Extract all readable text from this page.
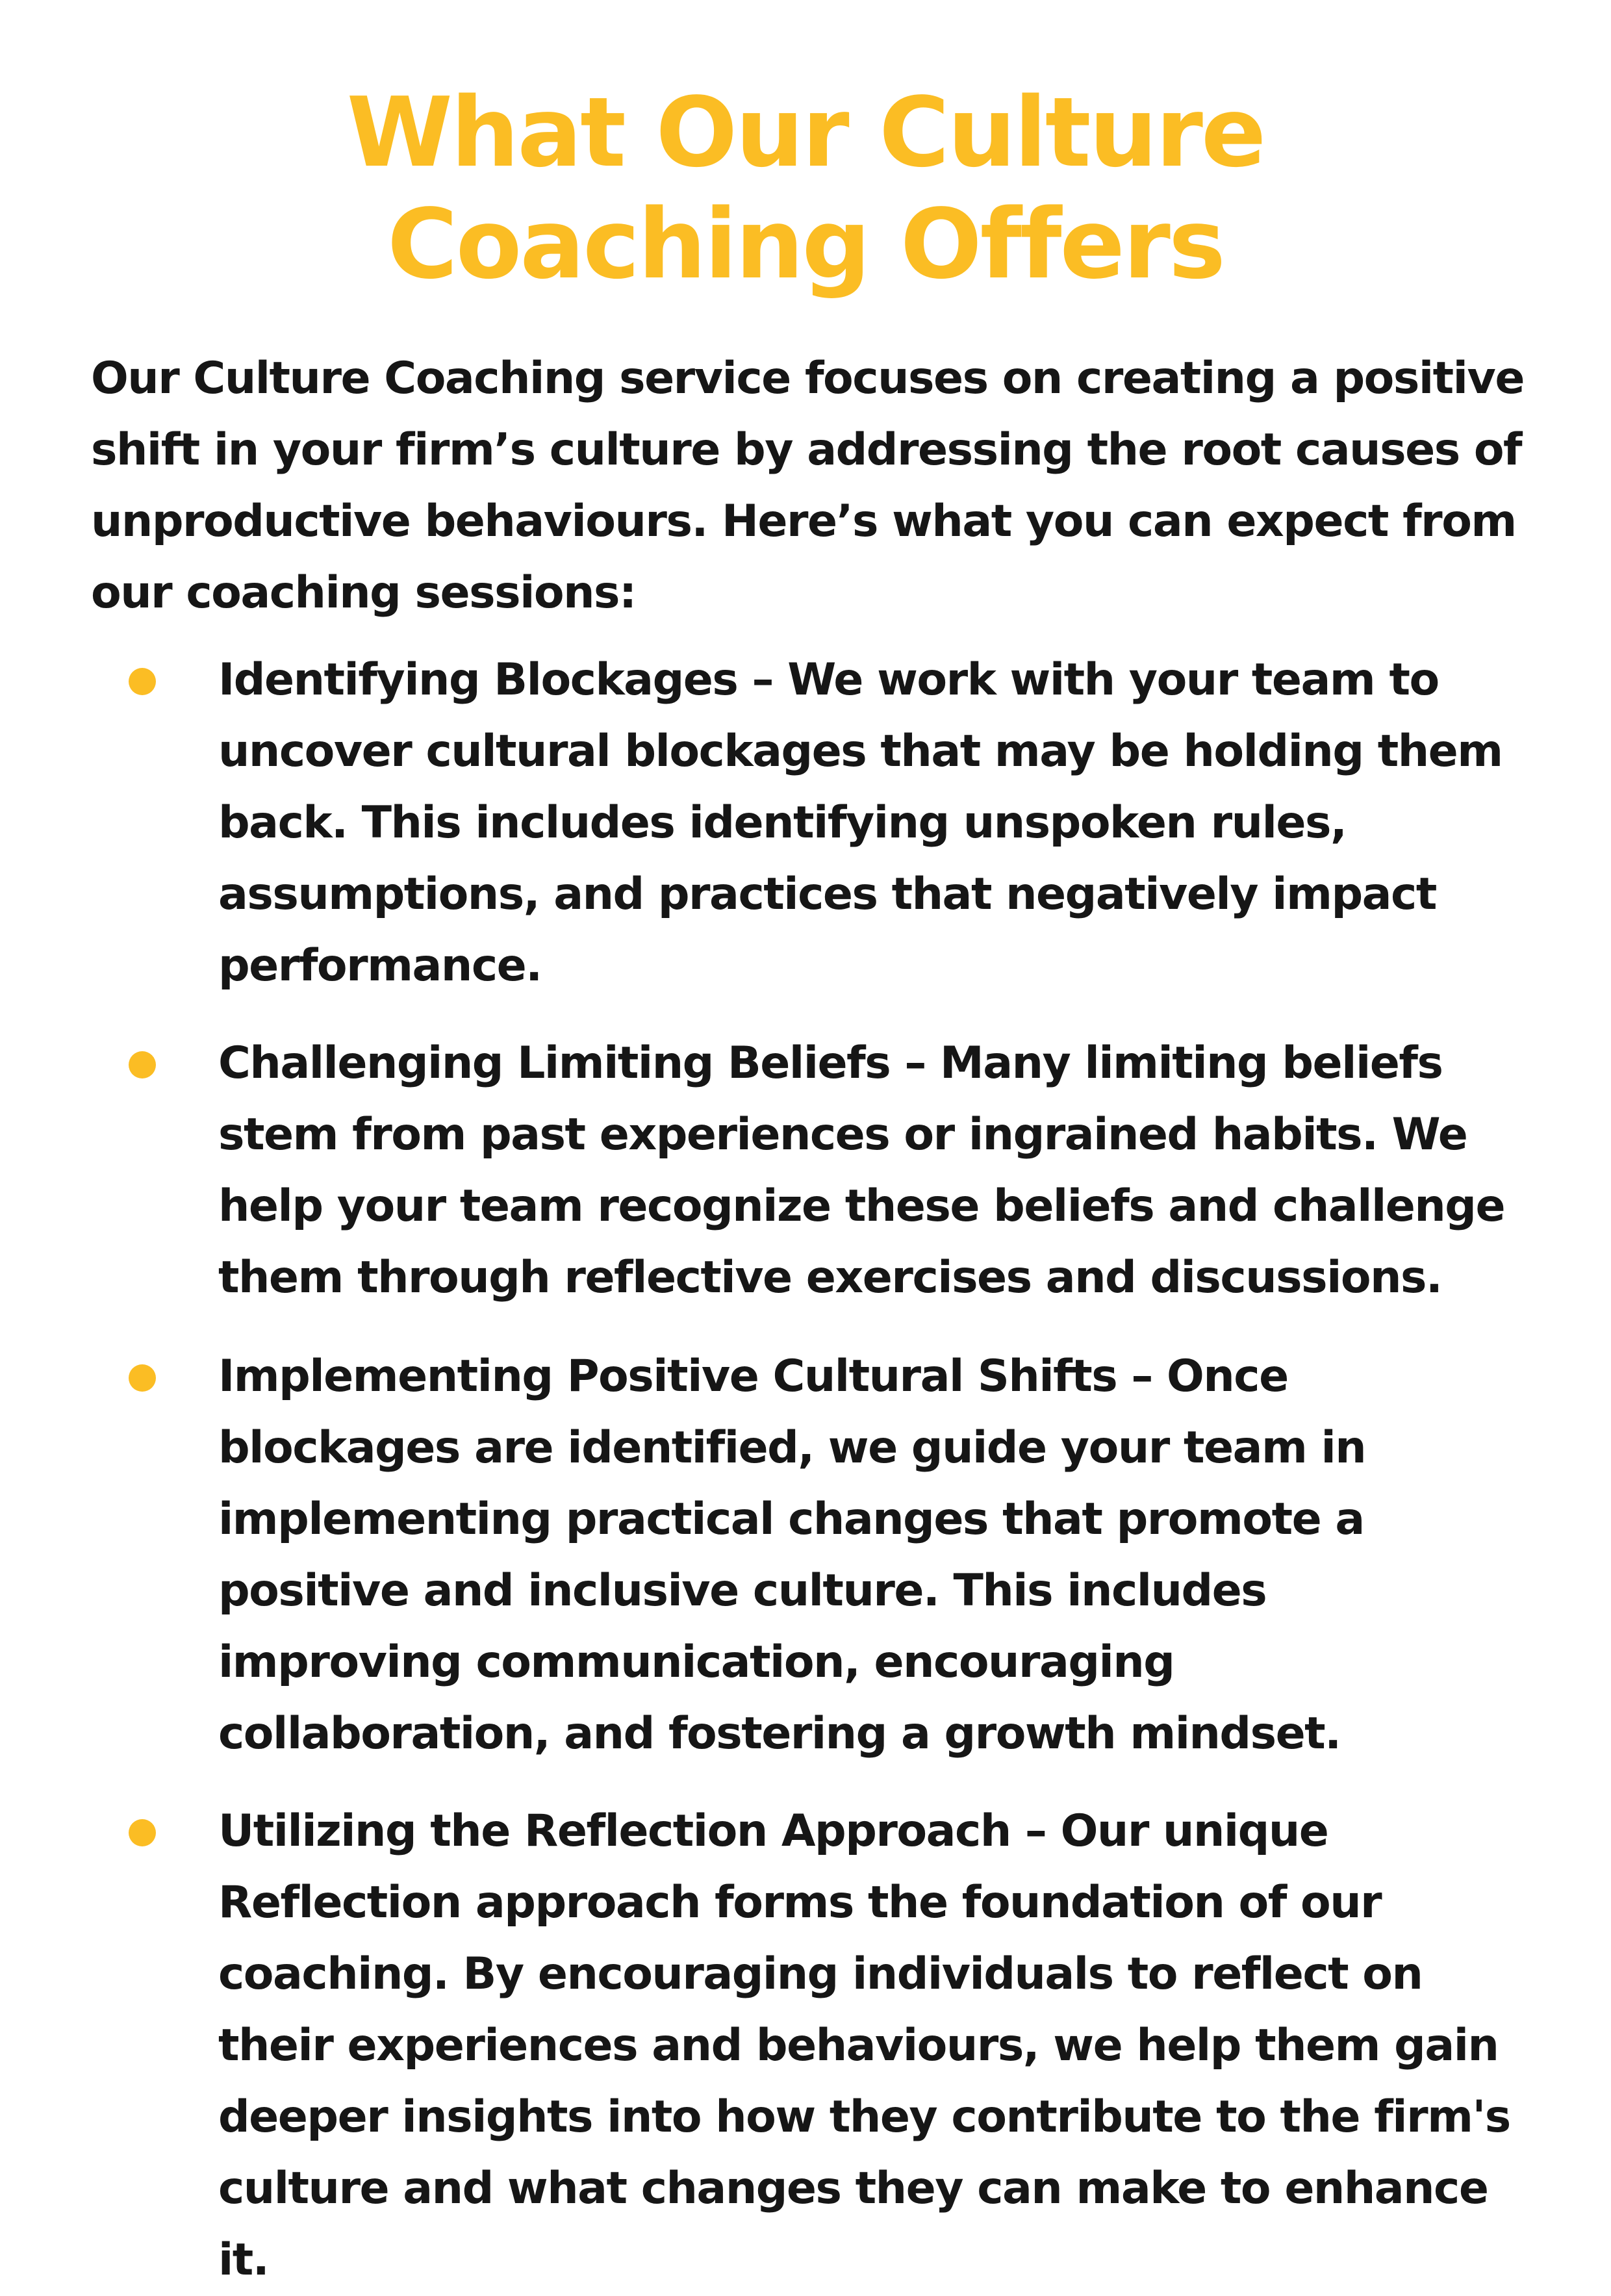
What Our Culture Coaching Offers

Our Culture Coaching service focuses on creating a positive shift in your firm’s culture by addressing the root causes of unproductive behaviours. Here’s what you can expect from our coaching sessions:

Identifying Blockages – We work with your team to uncover cultural blockages that may be holding them back. This includes identifying unspoken rules, assumptions, and practices that negatively impact performance.

Challenging Limiting Beliefs – Many limiting beliefs stem from past experiences or ingrained habits. We help your team recognize these beliefs and challenge them through reflective exercises and discussions.

Implementing Positive Cultural Shifts – Once blockages are identified, we guide your team in implementing practical changes that promote a positive and inclusive culture. This includes improving communication, encouraging collaboration, and fostering a growth mindset.

Utilizing the Reflection Approach – Our unique Reflection approach forms the foundation of our coaching. By encouraging individuals to reflect on their experiences and behaviours, we help them gain deeper insights into how they contribute to the firm's culture and what changes they can make to enhance it.
